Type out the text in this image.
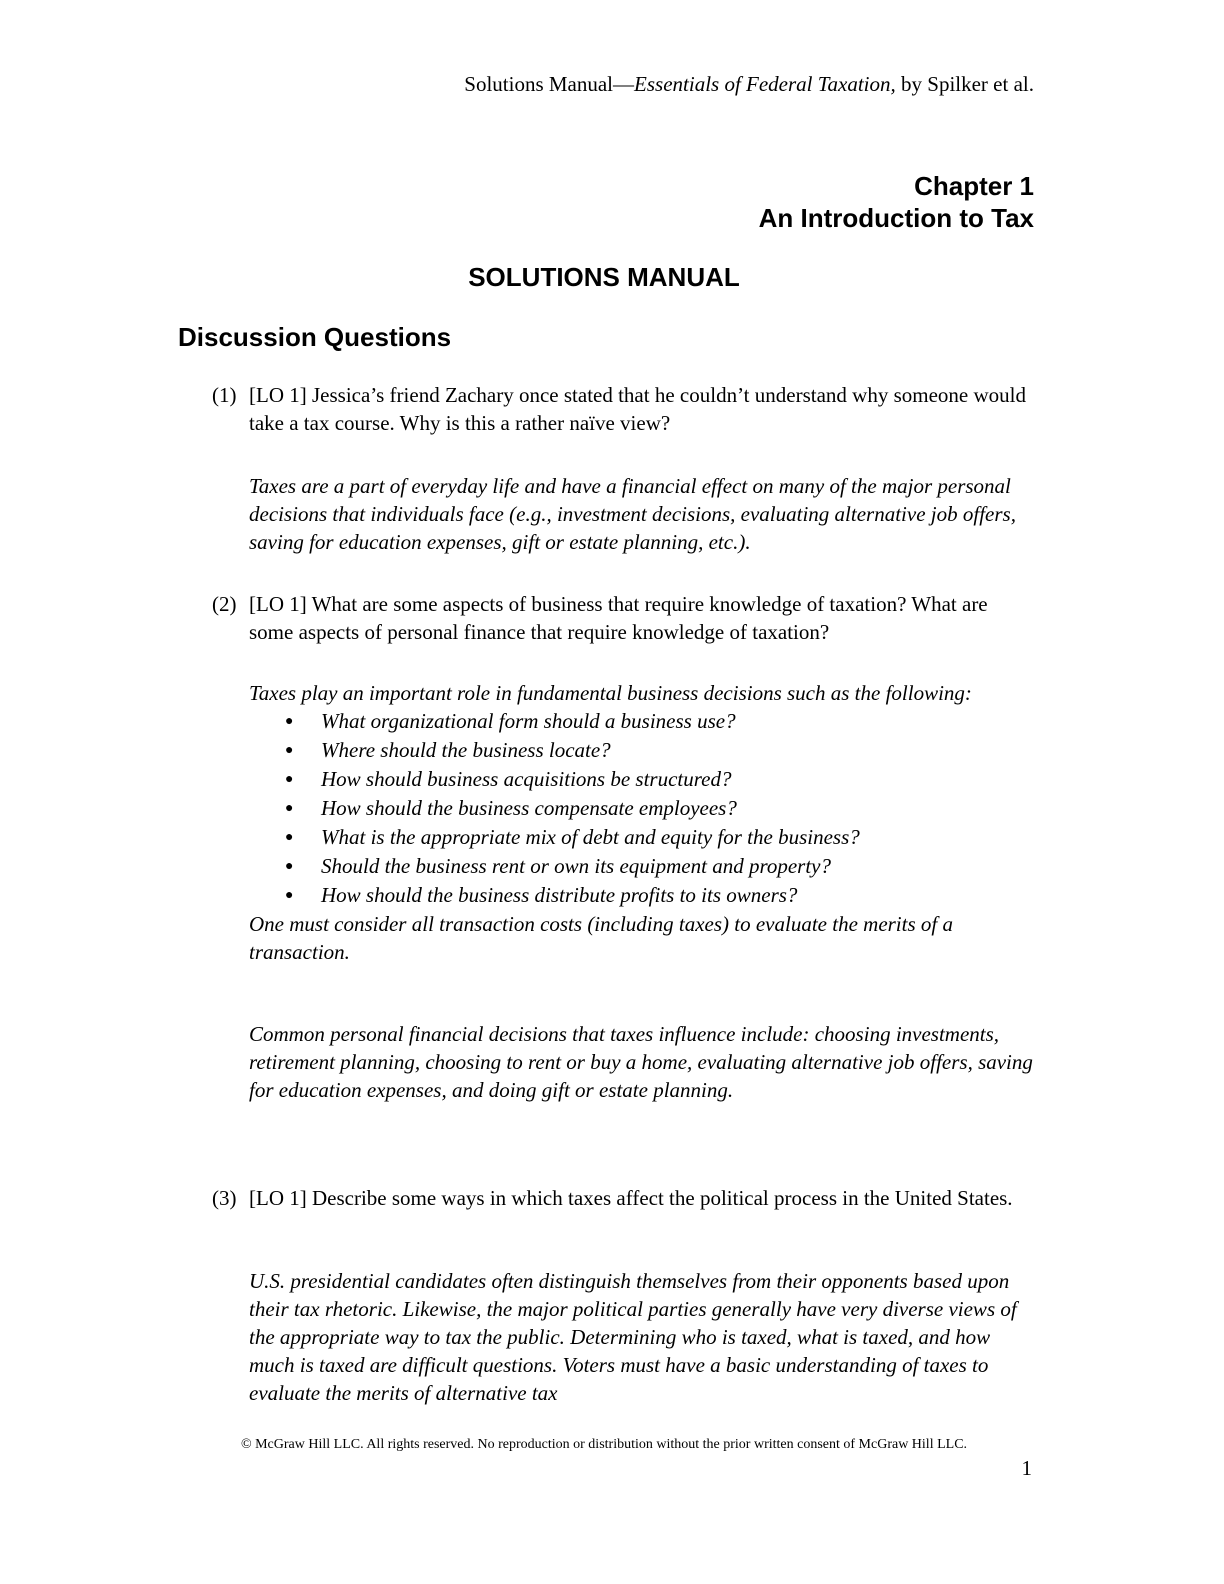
Solutions Manual—Essentials of Federal Taxation, by Spilker et al.
Chapter 1
An Introduction to Tax
SOLUTIONS MANUAL
Discussion Questions
(1) [LO 1] Jessica’s friend Zachary once stated that he couldn’t understand why someone would take a tax course. Why is this a rather naïve view?

Taxes are a part of everyday life and have a financial effect on many of the major personal decisions that individuals face (e.g., investment decisions, evaluating alternative job offers, saving for education expenses, gift or estate planning, etc.).

(2) [LO 1] What are some aspects of business that require knowledge of taxation? What are some aspects of personal finance that require knowledge of taxation?

Taxes play an important role in fundamental business decisions such as the following:

● What organizational form should a business use?
● Where should the business locate?
● How should business acquisitions be structured?
● How should the business compensate employees?
● What is the appropriate mix of debt and equity for the business?
● Should the business rent or own its equipment and property?
● How should the business distribute profits to its owners?

One must consider all transaction costs (including taxes) to evaluate the merits of a transaction.

Common personal financial decisions that taxes influence include: choosing investments, retirement planning, choosing to rent or buy a home, evaluating alternative job offers, saving for education expenses, and doing gift or estate planning.

(3) [LO 1] Describe some ways in which taxes affect the political process in the United States.

U.S. presidential candidates often distinguish themselves from their opponents based upon their tax rhetoric. Likewise, the major political parties generally have very diverse views of the appropriate way to tax the public. Determining who is taxed, what is taxed, and how much is taxed are difficult questions. Voters must have a basic understanding of taxes to evaluate the merits of alternative tax

© McGraw Hill LLC. All rights reserved. No reproduction or distribution without the prior written consent of McGraw Hill LLC.
1
